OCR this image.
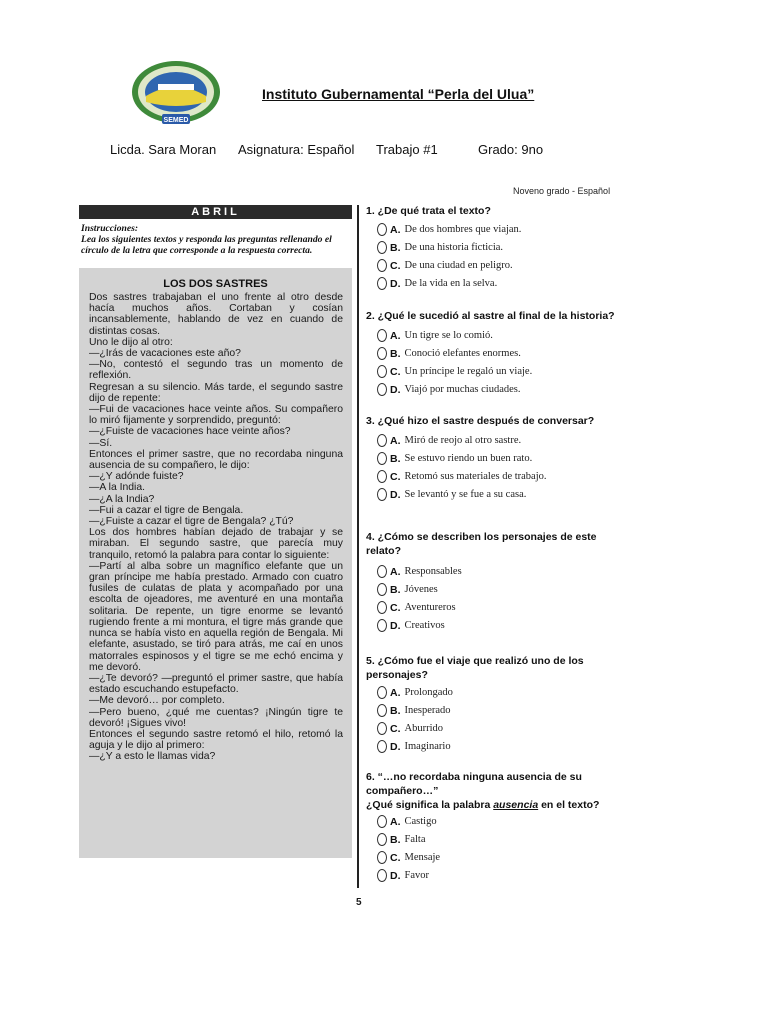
SEMED
Instituto Gubernamental “Perla del Ulua”
Licda. Sara Moran Asignatura: Español Trabajo #1	Grado: 9no
Noveno grado - Español
ABRIL
Instrucciones:
Lea los siguientes textos y responda las preguntas rellenando el círculo de la letra que corresponde a la respuesta correcta.
LOS DOS SASTRES

Dos sastres trabajaban el uno frente al otro desde hacía muchos años. Cortaban y cosían incansablemente, hablando de vez en cuando de distintas cosas.

Uno le dijo al otro:

—¿Irás de vacaciones este año?

—No, contestó el segundo tras un momento de reflexión.

Regresan a su silencio. Más tarde, el segundo sastre dijo de repente:

—Fui de vacaciones hace veinte años. Su compañero lo miró fijamente y sorprendido, preguntó:

—¿Fuiste de vacaciones hace veinte años?

—Sí.

Entonces el primer sastre, que no recordaba ninguna ausencia de su compañero, le dijo:

—¿Y adónde fuiste?

—A la India.

—¿A la India?

—Fui a cazar el tigre de Bengala.

—¿Fuiste a cazar el tigre de Bengala? ¿Tú?

Los dos hombres habían dejado de trabajar y se miraban. El segundo sastre, que parecía muy tranquilo, retomó la palabra para contar lo siguiente:

—Partí al alba sobre un magnífico elefante que un gran príncipe me había prestado. Armado con cuatro fusiles de culatas de plata y acompañado por una escolta de ojeadores, me aventuré en una montaña solitaria. De repente, un tigre enorme se levantó rugiendo frente a mi montura, el tigre más grande que nunca se había visto en aquella región de Bengala. Mi elefante, asustado, se tiró para atrás, me caí en unos matorrales espinosos y el tigre se me echó encima y me devoró.

—¿Te devoró? —preguntó el primer sastre, que había estado escuchando estupefacto.

—Me devoró… por completo.

—Pero bueno, ¿qué me cuentas? ¡Ningún tigre te devoró! ¡Sigues vivo!

Entonces el segundo sastre retomó el hilo, retomó la aguja y le dijo al primero:

—¿Y a esto le llamas vida?

1. ¿De qué trata el texto?
A. De dos hombres que viajan.
B. De una historia ficticia.
C. De una ciudad en peligro.
D. De la vida en la selva.
2. ¿Qué le sucedió al sastre al final de la historia?
A. Un tigre se lo comió.
B. Conoció elefantes enormes.
C. Un príncipe le regaló un viaje.
D. Viajó por muchas ciudades.
3. ¿Qué hizo el sastre después de conversar?
A. Miró de reojo al otro sastre.
B. Se estuvo riendo un buen rato.
C. Retomó sus materiales de trabajo.
D. Se levantó y se fue a su casa.
4. ¿Cómo se describen los personajes de este relato?
A. Responsables
B. Jóvenes
C. Aventureros
D. Creativos
5. ¿Cómo fue el viaje que realizó uno de los personajes?
A. Prolongado
B. Inesperado
C. Aburrido
D. Imaginario
6. “…no recordaba ninguna ausencia de su compañero…”
¿Qué significa la palabra ausencia en el texto?
A. Castigo
B. Falta
C. Mensaje
D. Favor
5
